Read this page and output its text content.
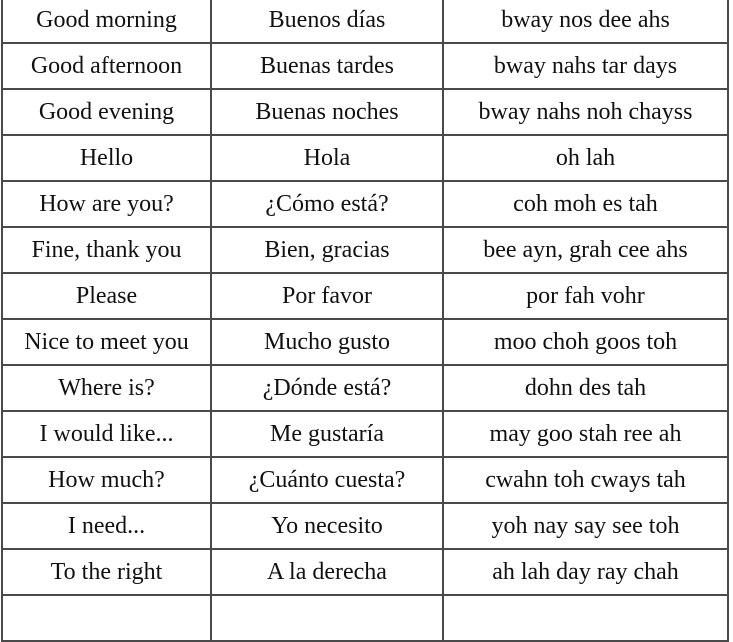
Good morning	Buenos días	bway nos dee ahs
Good afternoon	Buenas tardes	bway nahs tar days
Good evening	Buenas noches	bway nahs noh chayss
Hello	Hola	oh lah
How are you?	¿Cómo está?	coh moh es tah
Fine, thank you	Bien, gracias	bee ayn, grah cee ahs
Please	Por favor	por fah vohr
Nice to meet you	Mucho gusto	moo choh goos toh
Where is?	¿Dónde está?	dohn des tah
I would like...	Me gustaría	may goo stah ree ah
How much?	¿Cuánto cuesta?	cwahn toh cways tah
I need...	Yo necesito	yoh nay say see toh
To the right	A la derecha	ah lah day ray chah
